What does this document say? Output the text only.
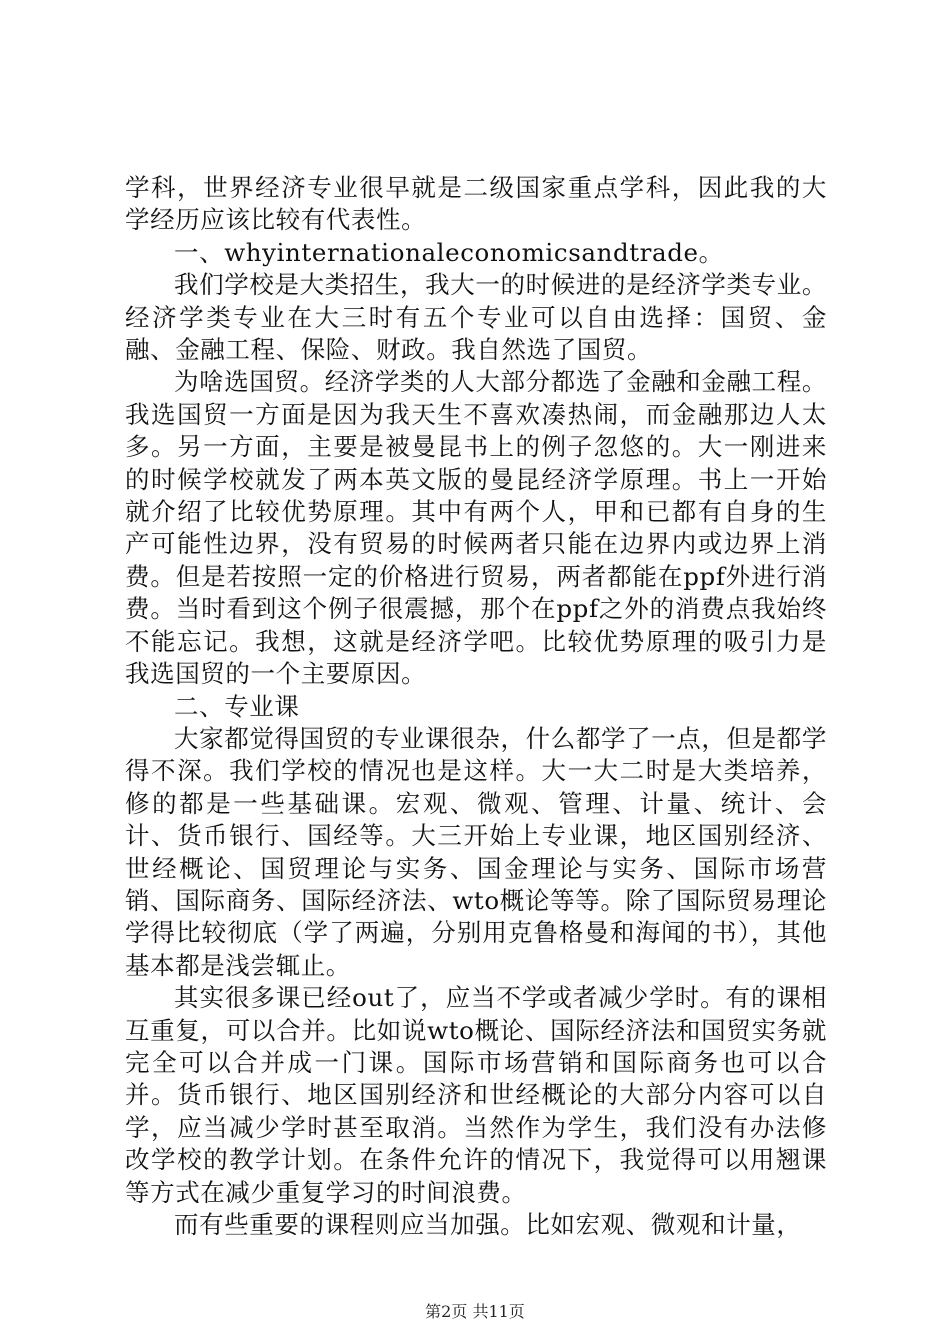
学科，世界经济专业很早就是二级国家重点学科，因此我的大学经历应该比较有代表性。

一、whyinternationaleconomicsandtrade。

我们学校是大类招生，我大一的时候进的是经济学类专业。经济学类专业在大三时有五个专业可以自由选择：国贸、金融、金融工程、保险、财政。我自然选了国贸。

为啥选国贸。经济学类的人大部分都选了金融和金融工程。我选国贸一方面是因为我天生不喜欢凑热闹，而金融那边人太多。另一方面，主要是被曼昆书上的例子忽悠的。大一刚进来的时候学校就发了两本英文版的曼昆经济学原理。书上一开始就介绍了比较优势原理。其中有两个人，甲和已都有自身的生产可能性边界，没有贸易的时候两者只能在边界内或边界上消费。但是若按照一定的价格进行贸易，两者都能在ppf外进行消费。当时看到这个例子很震撼，那个在ppf之外的消费点我始终不能忘记。我想，这就是经济学吧。比较优势原理的吸引力是我选国贸的一个主要原因。

二、专业课

大家都觉得国贸的专业课很杂，什么都学了一点，但是都学得不深。我们学校的情况也是这样。大一大二时是大类培养，修的都是一些基础课。宏观、微观、管理、计量、统计、会计、货币银行、国经等。大三开始上专业课，地区国别经济、世经概论、国贸理论与实务、国金理论与实务、国际市场营销、国际商务、国际经济法、wto概论等等。除了国际贸易理论学得比较彻底（学了两遍，分别用克鲁格曼和海闻的书），其他基本都是浅尝辄止。

其实很多课已经out了，应当不学或者减少学时。有的课相互重复，可以合并。比如说wto概论、国际经济法和国贸实务就完全可以合并成一门课。国际市场营销和国际商务也可以合并。货币银行、地区国别经济和世经概论的大部分内容可以自学，应当减少学时甚至取消。当然作为学生，我们没有办法修改学校的教学计划。在条件允许的情况下，我觉得可以用翘课等方式在减少重复学习的时间浪费。

而有些重要的课程则应当加强。比如宏观、微观和计量，

第2页 共11页
